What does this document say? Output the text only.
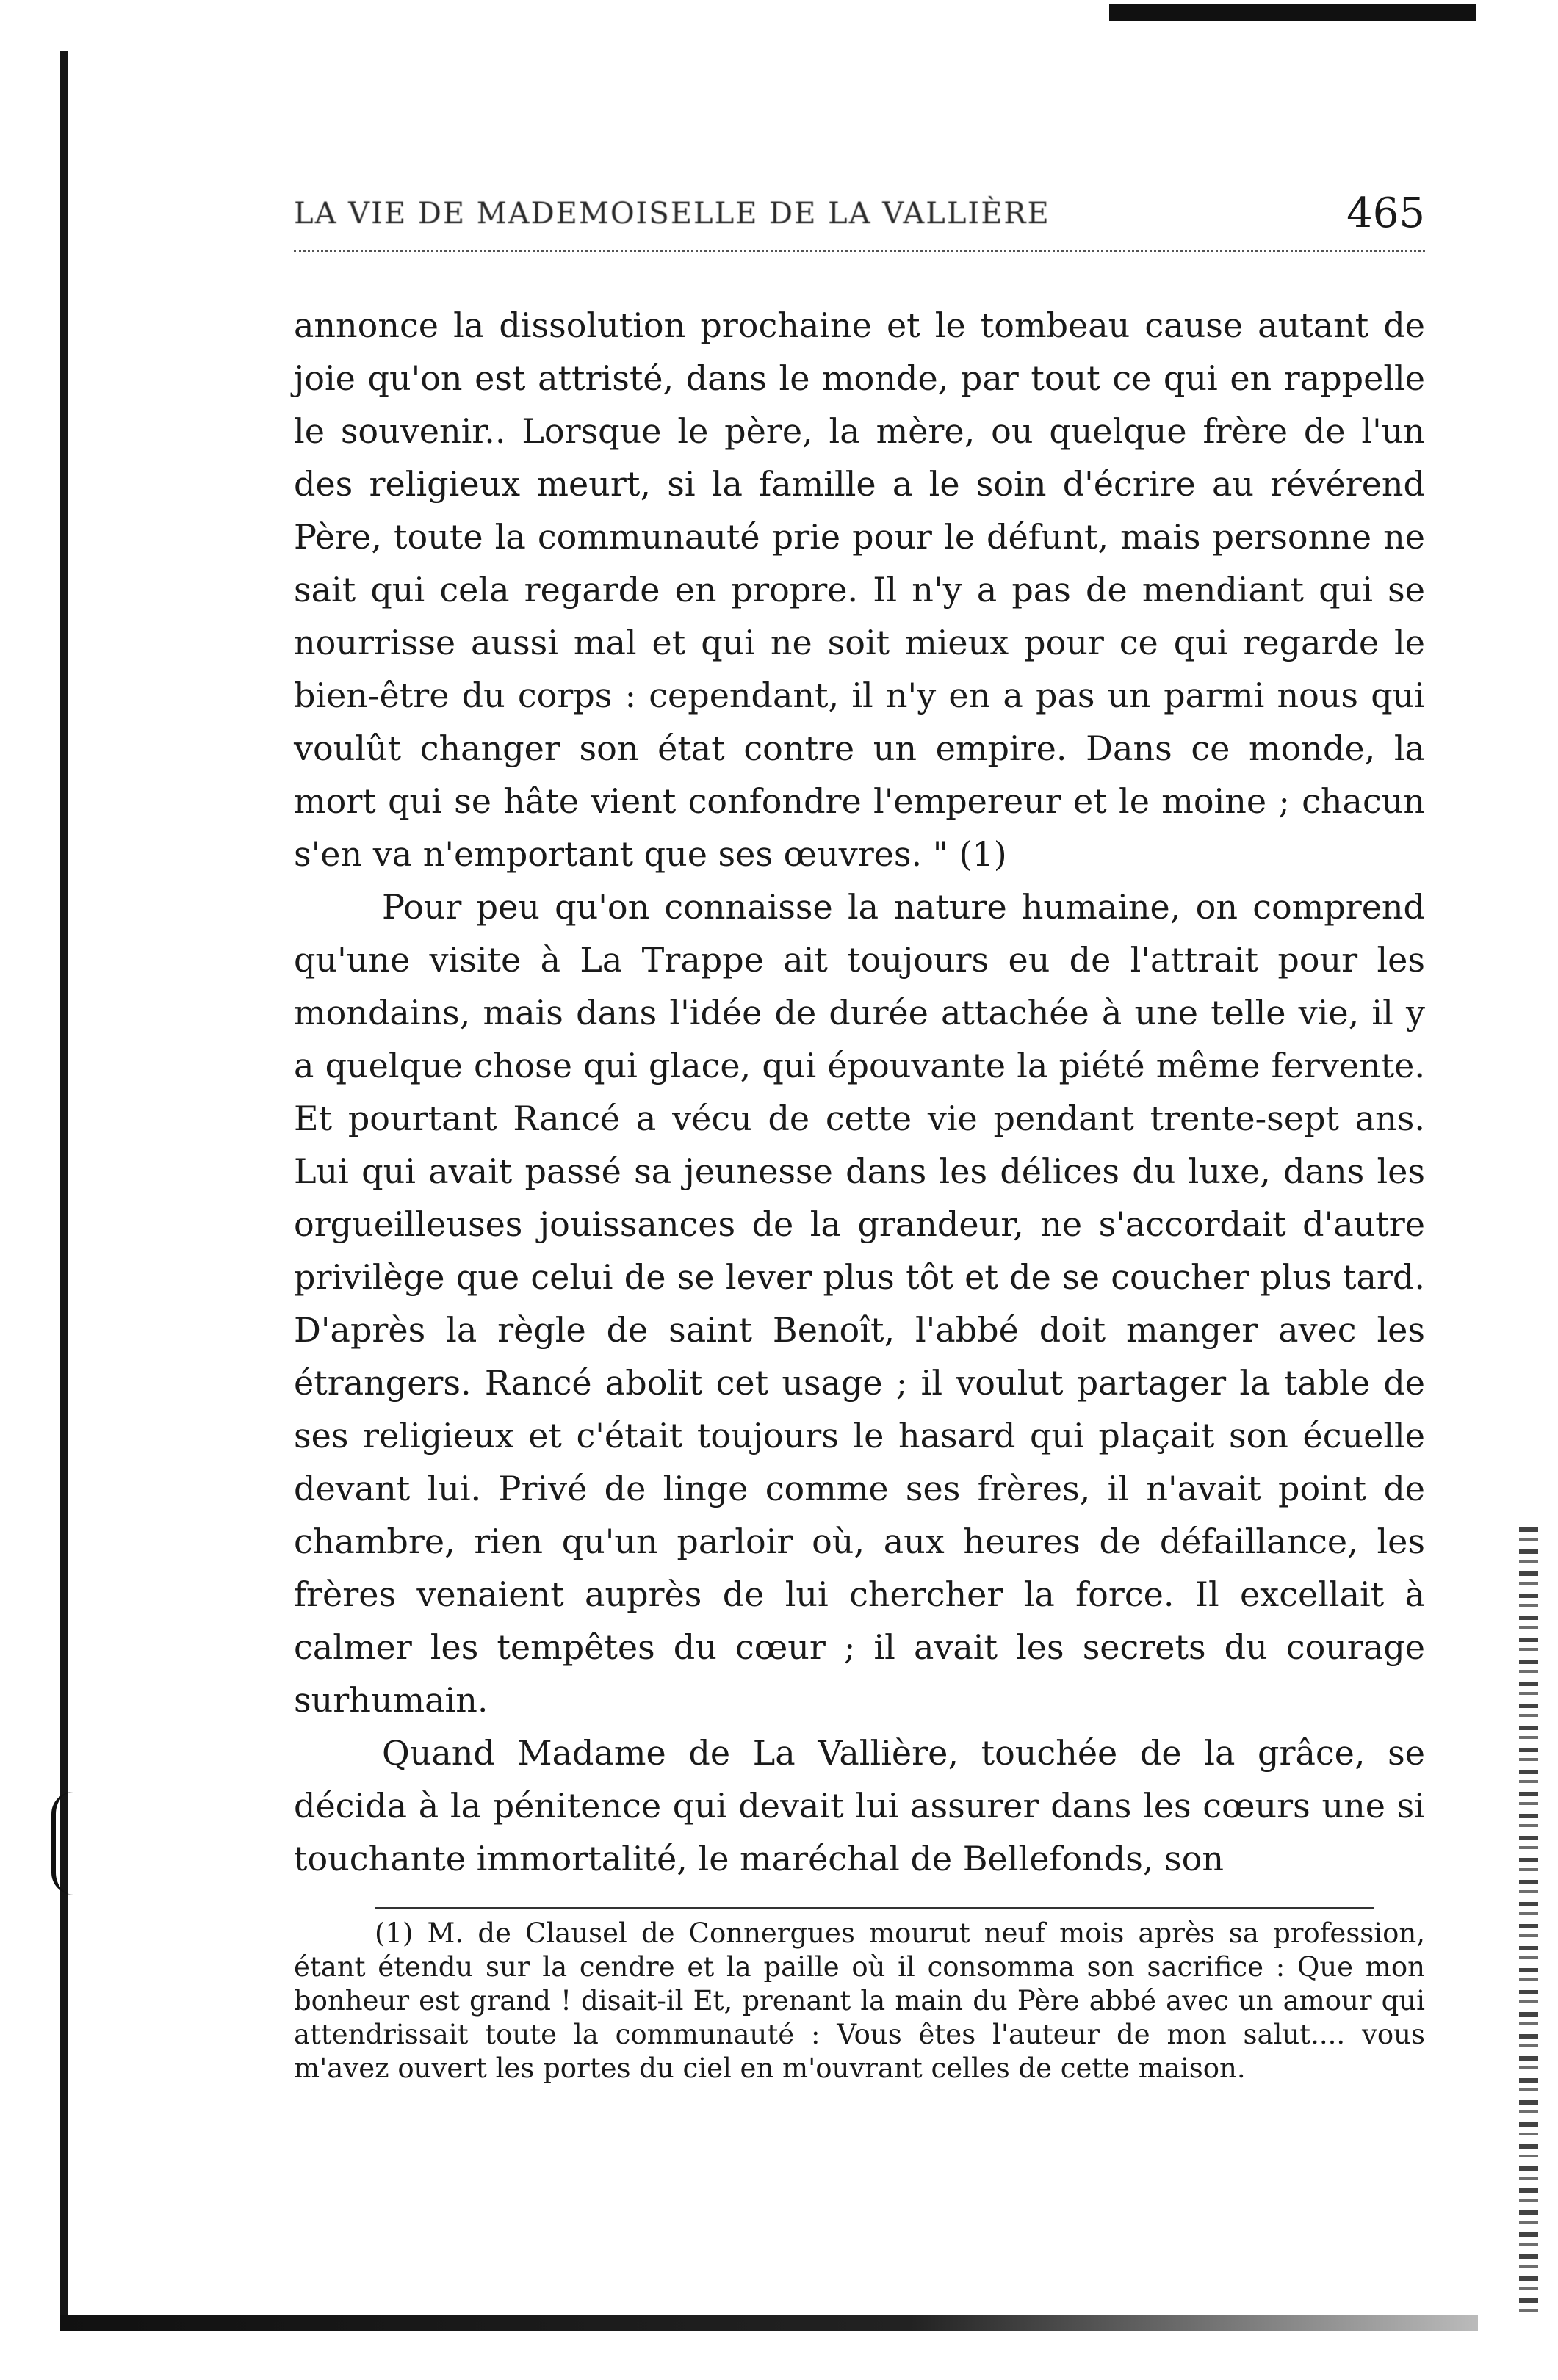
LA VIE DE MADEMOISELLE DE LA VALLIÈRE	465

annonce la dissolution prochaine et le tombeau cause autant de joie qu'on est attristé, dans le monde, par tout ce qui en rappelle le souvenir.. Lorsque le père, la mère, ou quelque frère de l'un des religieux meurt, si la famille a le soin d'écrire au révérend Père, toute la communauté prie pour le défunt, mais personne ne sait qui cela regarde en propre. Il n'y a pas de mendiant qui se nourrisse aussi mal et qui ne soit mieux pour ce qui regarde le bien-être du corps : cependant, il n'y en a pas un parmi nous qui voulût changer son état contre un empire. Dans ce monde, la mort qui se hâte vient confondre l'empereur et le moine ; chacun s'en va n'emportant que ses œuvres. " (1)

Pour peu qu'on connaisse la nature humaine, on comprend qu'une visite à La Trappe ait toujours eu de l'attrait pour les mondains, mais dans l'idée de durée attachée à une telle vie, il y a quelque chose qui glace, qui épouvante la piété même fervente. Et pourtant Rancé a vécu de cette vie pendant trente-sept ans. Lui qui avait passé sa jeunesse dans les délices du luxe, dans les orgueilleuses jouissances de la grandeur, ne s'accordait d'autre privilège que celui de se lever plus tôt et de se coucher plus tard. D'après la règle de saint Benoît, l'abbé doit manger avec les étrangers. Rancé abolit cet usage ; il voulut partager la table de ses religieux et c'était toujours le hasard qui plaçait son écuelle devant lui. Privé de linge comme ses frères, il n'avait point de chambre, rien qu'un parloir où, aux heures de défaillance, les frères venaient auprès de lui chercher la force. Il excellait à calmer les tempêtes du cœur ; il avait les secrets du courage surhumain.

Quand Madame de La Vallière, touchée de la grâce, se décida à la pénitence qui devait lui assurer dans les cœurs une si touchante immortalité, le maréchal de Bellefonds, son

(1) M. de Clausel de Connergues mourut neuf mois après sa profession, étant étendu sur la cendre et la paille où il consomma son sacrifice : Que mon bonheur est grand ! disait-il Et, prenant la main du Père abbé avec un amour qui attendrissait toute la communauté : Vous êtes l'auteur de mon salut.... vous m'avez ouvert les portes du ciel en m'ouvrant celles de cette maison.
